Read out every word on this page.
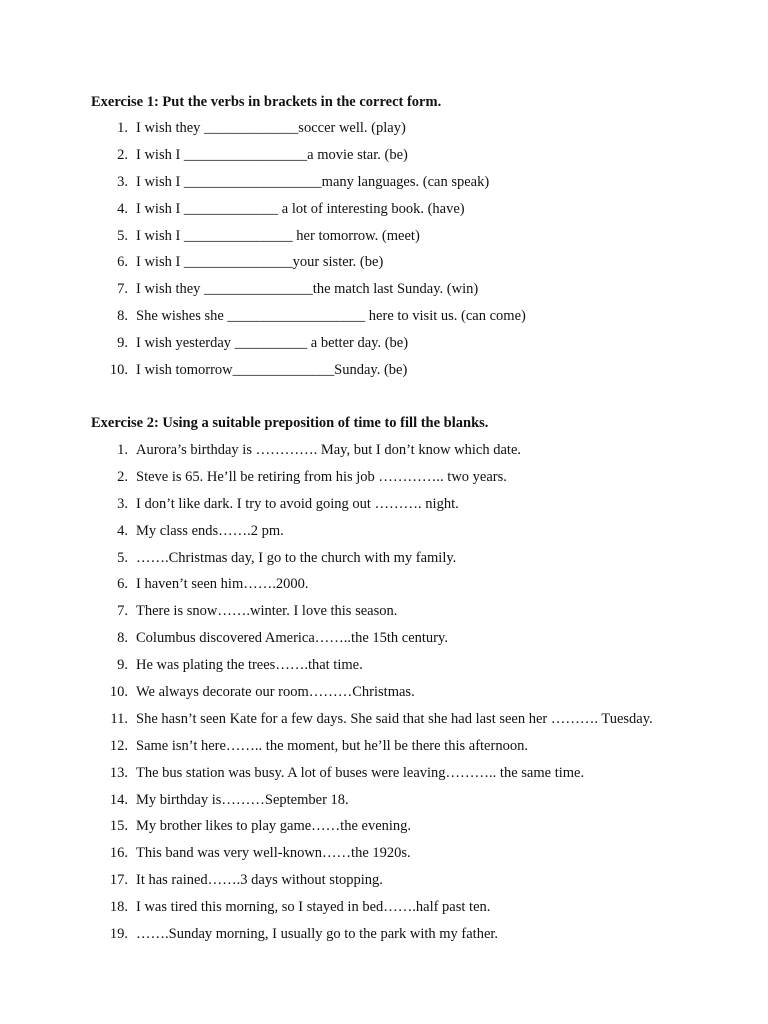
Exercise 1: Put the verbs in brackets in the correct form.
1. I wish they _____________soccer well. (play)
2. I wish I _________________a movie star. (be)
3. I wish I ___________________many languages. (can speak)
4. I wish I _____________ a lot of interesting book. (have)
5. I wish I _______________ her tomorrow. (meet)
6. I wish I _______________your sister. (be)
7. I wish they _______________the match last Sunday. (win)
8. She wishes she ___________________ here to visit us. (can come)
9. I wish yesterday __________ a better day. (be)
10. I wish tomorrow______________Sunday. (be)
Exercise 2: Using a suitable preposition of time to fill the blanks.
1. Aurora’s birthday is …………. May, but I don’t know which date.
2. Steve is 65. He’ll be retiring from his job ………….. two years.
3. I don’t like dark. I try to avoid going out ………. night.
4. My class ends…….2 pm.
5. …….Christmas day, I go to the church with my family.
6. I haven’t seen him…….2000.
7. There is snow…….winter. I love this season.
8. Columbus discovered America……..the 15th century.
9. He was plating the trees…….that time.
10. We always decorate our room………Christmas.
11. She hasn’t seen Kate for a few days. She said that she had last seen her ………. Tuesday.
12. Same isn’t here…….. the moment, but he’ll be there this afternoon.
13. The bus station was busy. A lot of buses were leaving……….. the same time.
14. My birthday is………September 18.
15. My brother likes to play game……the evening.
16. This band was very well-known……the 1920s.
17. It has rained…….3 days without stopping.
18. I was tired this morning, so I stayed in bed…….half past ten.
19. …….Sunday morning, I usually go to the park with my father.
